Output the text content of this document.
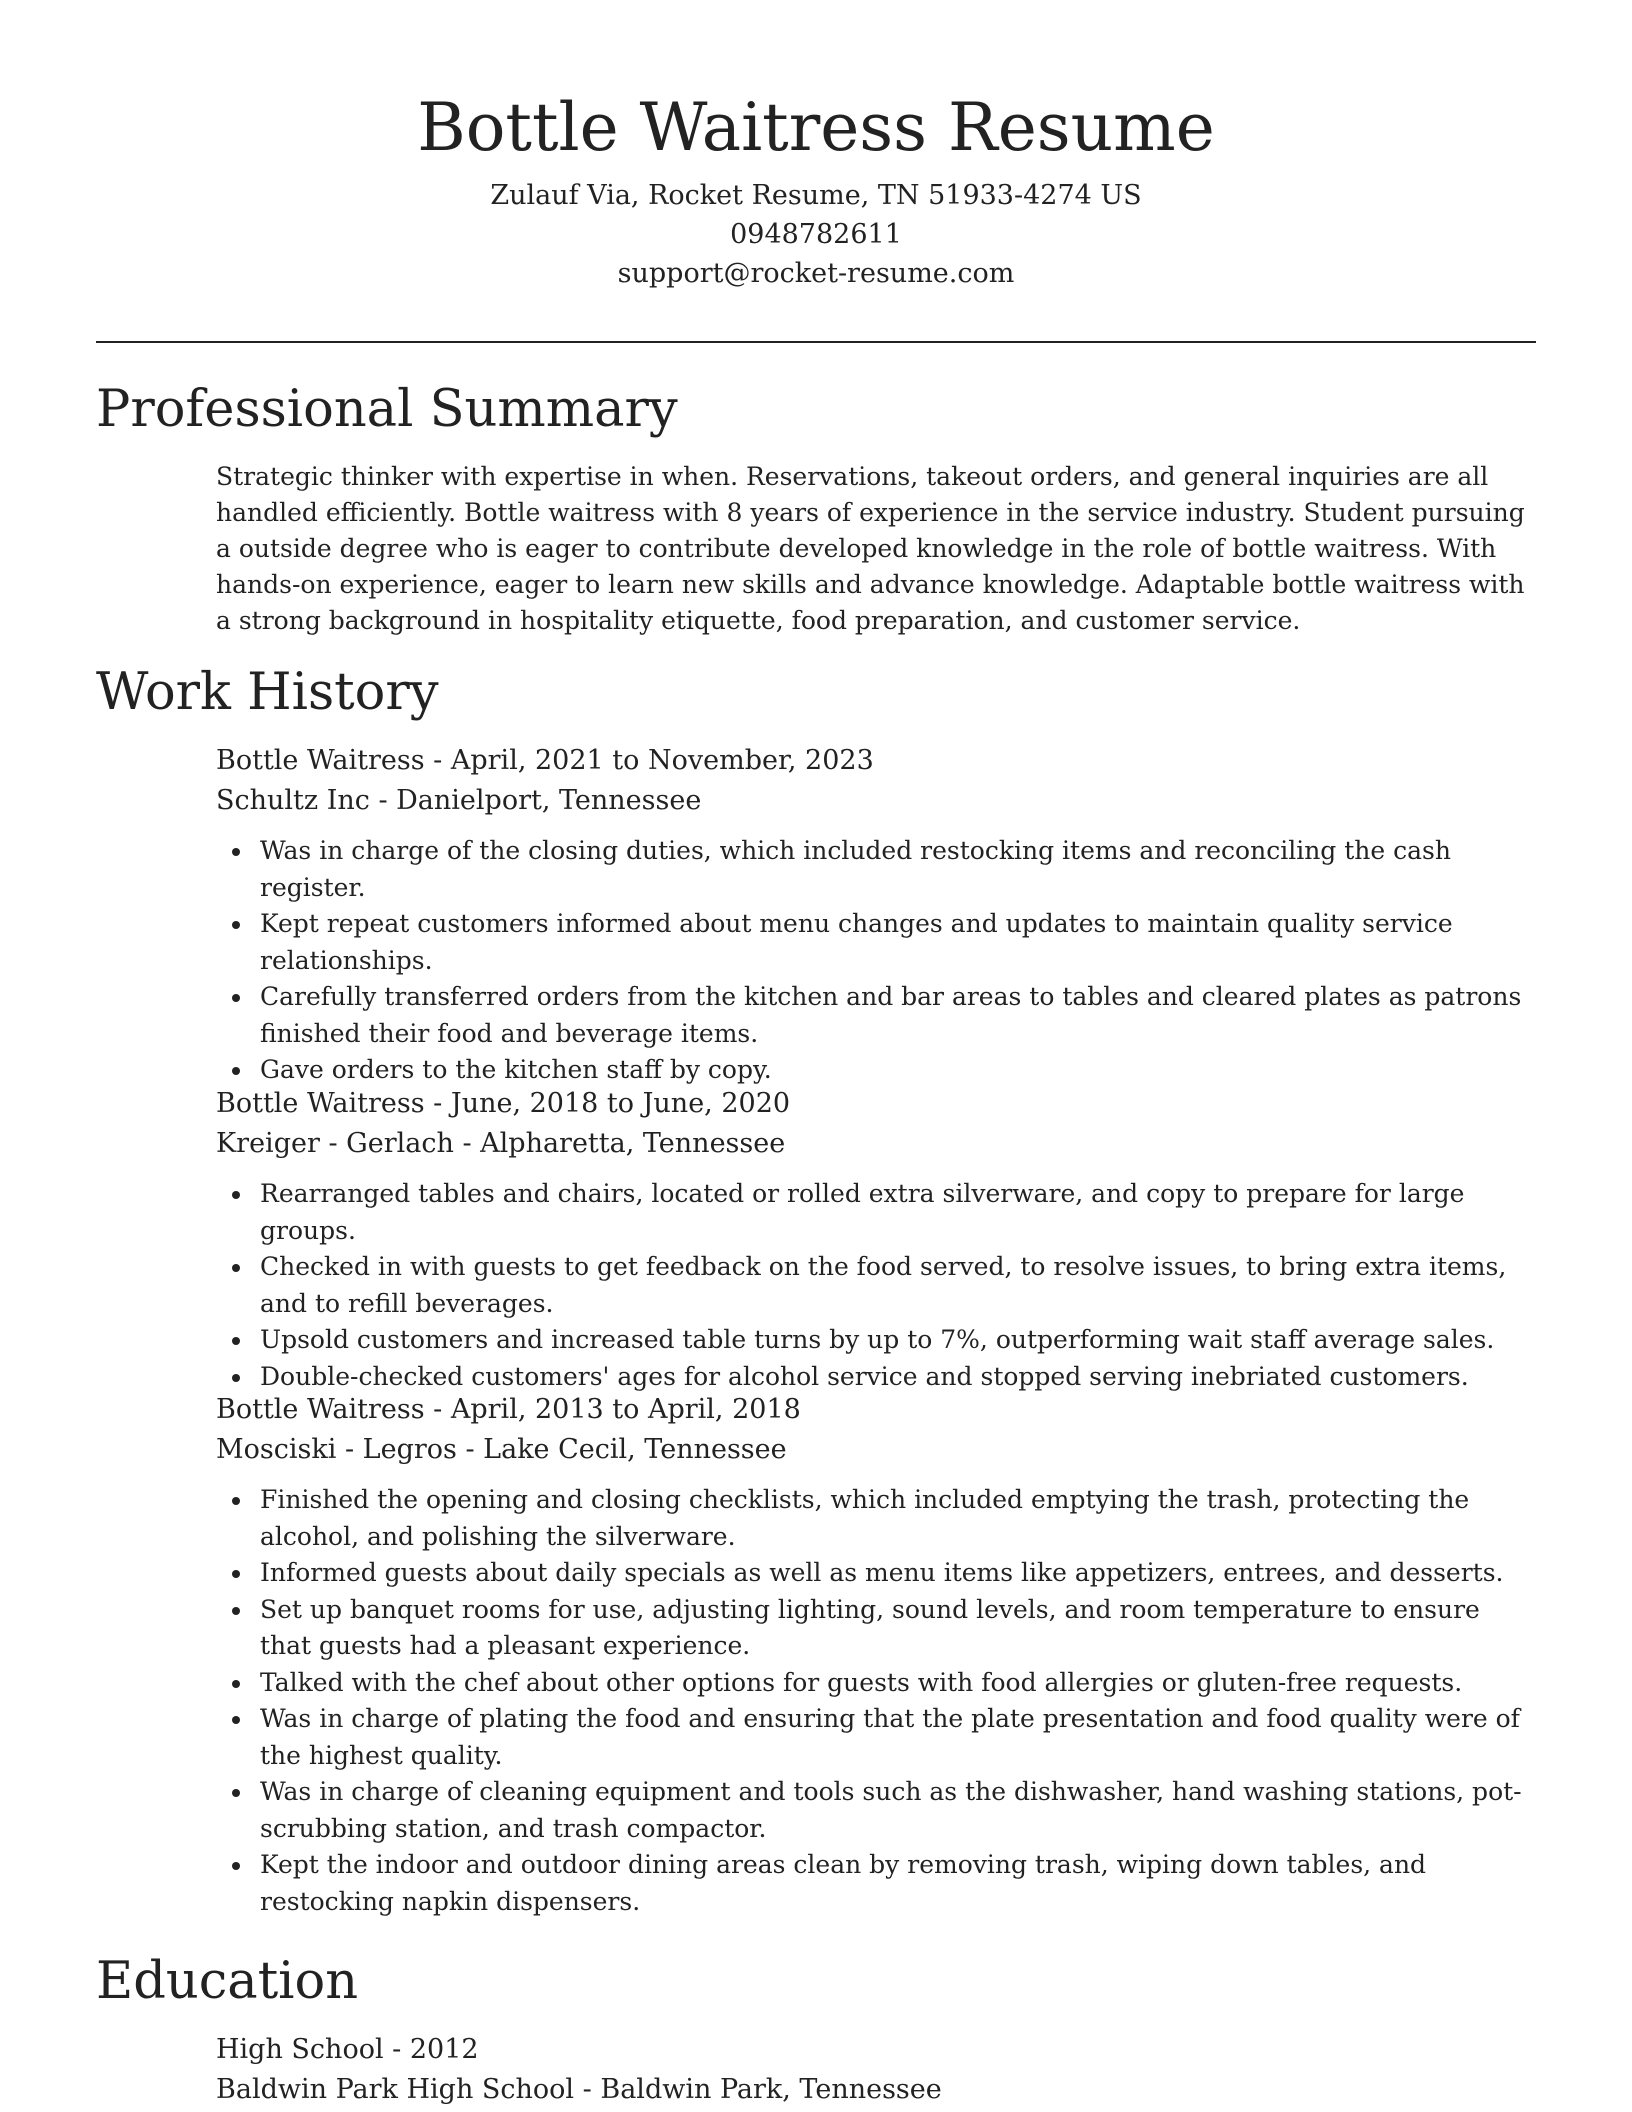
Bottle Waitress Resume

Zulauf Via, Rocket Resume, TN 51933-4274 US

0948782611

support@rocket-resume.com

Professional Summary

Strategic thinker with expertise in when. Reservations, takeout orders, and general inquiries are all handled efficiently. Bottle waitress with 8 years of experience in the service industry. Student pursuing a outside degree who is eager to contribute developed knowledge in the role of bottle waitress. With hands-on experience, eager to learn new skills and advance knowledge. Adaptable bottle waitress with a strong background in hospitality etiquette, food preparation, and customer service.

Work History

Bottle Waitress - April, 2021 to November, 2023

Schultz Inc - Danielport, Tennessee

Was in charge of the closing duties, which included restocking items and reconciling the cash register.
Kept repeat customers informed about menu changes and updates to maintain quality service relationships.
Carefully transferred orders from the kitchen and bar areas to tables and cleared plates as patrons finished their food and beverage items.
Gave orders to the kitchen staff by copy.

Bottle Waitress - June, 2018 to June, 2020

Kreiger - Gerlach - Alpharetta, Tennessee

Rearranged tables and chairs, located or rolled extra silverware, and copy to prepare for large groups.
Checked in with guests to get feedback on the food served, to resolve issues, to bring extra items, and to refill beverages.
Upsold customers and increased table turns by up to 7%, outperforming wait staff average sales.
Double-checked customers' ages for alcohol service and stopped serving inebriated customers.

Bottle Waitress - April, 2013 to April, 2018

Mosciski - Legros - Lake Cecil, Tennessee

Finished the opening and closing checklists, which included emptying the trash, protecting the alcohol, and polishing the silverware.
Informed guests about daily specials as well as menu items like appetizers, entrees, and desserts.
Set up banquet rooms for use, adjusting lighting, sound levels, and room temperature to ensure that guests had a pleasant experience.
Talked with the chef about other options for guests with food allergies or gluten-free requests.
Was in charge of plating the food and ensuring that the plate presentation and food quality were of the highest quality.
Was in charge of cleaning equipment and tools such as the dishwasher, hand washing stations, pot-scrubbing station, and trash compactor.
Kept the indoor and outdoor dining areas clean by removing trash, wiping down tables, and restocking napkin dispensers.
Education

High School - 2012

Baldwin Park High School - Baldwin Park, Tennessee
